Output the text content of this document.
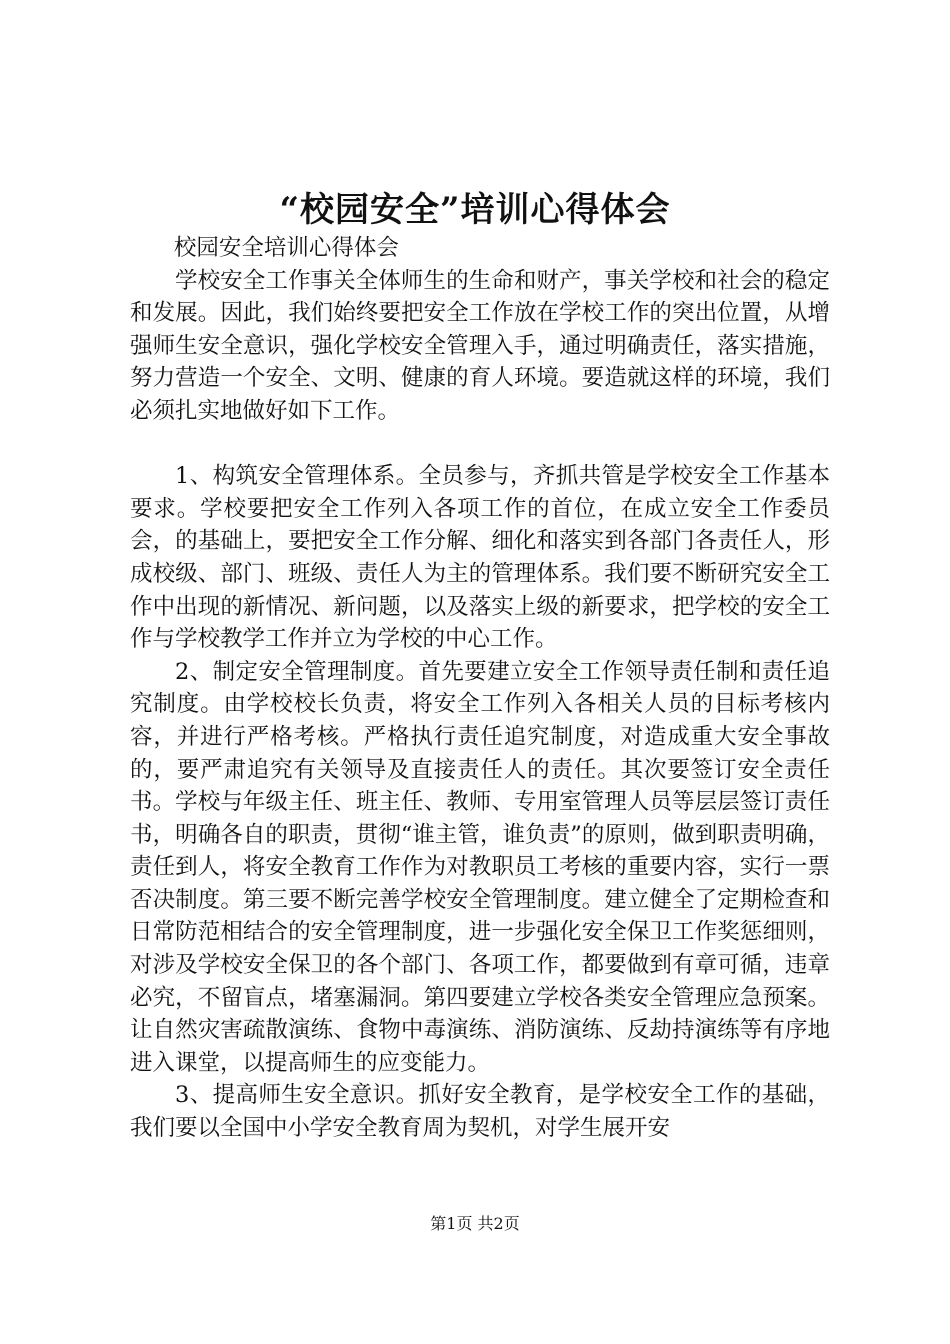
“校园安全”培训心得体会

校园安全培训心得体会

学校安全工作事关全体师生的生命和财产，事关学校和社会的稳定和发展。因此，我们始终要把安全工作放在学校工作的突出位置，从增强师生安全意识，强化学校安全管理入手，通过明确责任，落实措施，努力营造一个安全、文明、健康的育人环境。要造就这样的环境，我们必须扎实地做好如下工作。

1、构筑安全管理体系。全员参与，齐抓共管是学校安全工作基本要求。学校要把安全工作列入各项工作的首位，在成立安全工作委员会，的基础上，要把安全工作分解、细化和落实到各部门各责任人，形成校级、部门、班级、责任人为主的管理体系。我们要不断研究安全工作中出现的新情况、新问题，以及落实上级的新要求，把学校的安全工作与学校教学工作并立为学校的中心工作。

2、制定安全管理制度。首先要建立安全工作领导责任制和责任追究制度。由学校校长负责，将安全工作列入各相关人员的目标考核内容，并进行严格考核。严格执行责任追究制度，对造成重大安全事故的，要严肃追究有关领导及直接责任人的责任。其次要签订安全责任书。学校与年级主任、班主任、教师、专用室管理人员等层层签订责任书，明确各自的职责，贯彻“谁主管，谁负责”的原则，做到职责明确，责任到人，将安全教育工作作为对教职员工考核的重要内容，实行一票否决制度。第三要不断完善学校安全管理制度。建立健全了定期检查和日常防范相结合的安全管理制度，进一步强化安全保卫工作奖惩细则，对涉及学校安全保卫的各个部门、各项工作，都要做到有章可循，违章必究，不留盲点，堵塞漏洞。第四要建立学校各类安全管理应急预案。让自然灾害疏散演练、食物中毒演练、消防演练、反劫持演练等有序地进入课堂，以提高师生的应变能力。

3、提高师生安全意识。抓好安全教育，是学校安全工作的基础，我们要以全国中小学安全教育周为契机，对学生展开安

第1页 共2页
